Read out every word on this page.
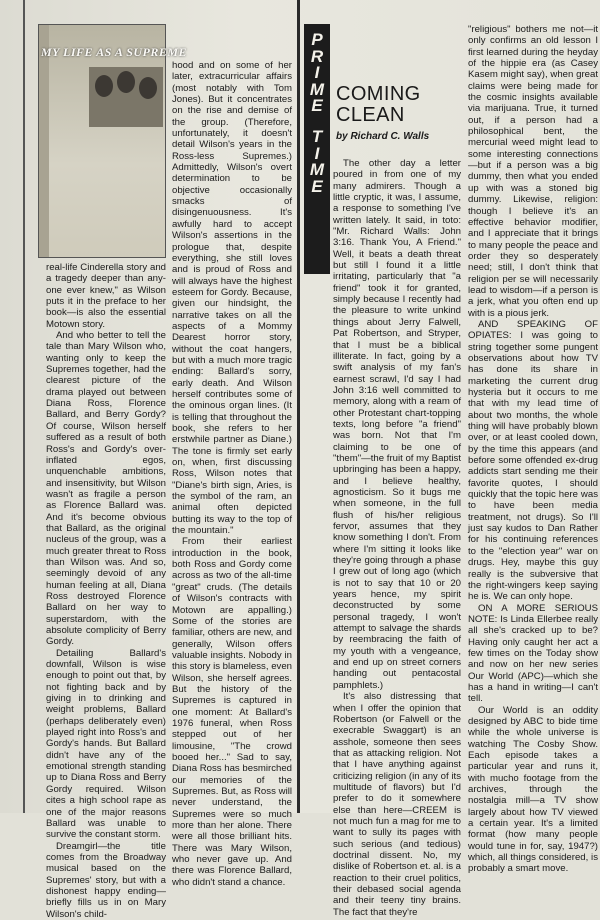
MY LIFE AS A SUPREME

real-life Cinderella story and a tragedy deeper than any-one ever knew," as Wilson puts it in the preface to her book—is also the essential Motown story.

And who better to tell the tale than Mary Wilson who, wanting only to keep the Supremes together, had the clearest picture of the drama played out between Diana Ross, Florence Ballard, and Berry Gordy? Of course, Wilson herself suffered as a result of both Ross's and Gordy's over-inflated egos, unquenchable ambitions, and insensitivity, but Wilson wasn't as fragile a person as Florence Ballard was. And it's become obvious that Ballard, as the original nucleus of the group, was a much greater threat to Ross than Wilson was. And so, seemingly devoid of any human feeling at all, Diana Ross destroyed Florence Ballard on her way to superstardom, with the absolute complicity of Berry Gordy.

Detailing Ballard's downfall, Wilson is wise enough to point out that, by not fighting back and by giving in to drinking and weight problems, Ballard (perhaps deliberately even) played right into Ross's and Gordy's hands. But Ballard didn't have any of the emotional strength standing up to Diana Ross and Berry Gordy required. Wilson cites a high school rape as one of the major reasons Ballard was unable to survive the constant storm.

Dreamgirl—the title comes from the Broadway musical based on the Supremes' story, but with a dishonest happy ending—briefly fills us in on Mary Wilson's child-

hood and on some of her later, extracurricular affairs (most notably with Tom Jones). But it concentrates on the rise and demise of the group. (Therefore, unfortunately, it doesn't detail Wilson's years in the Ross-less Supremes.) Admittedly, Wilson's overt determination to be objective occasionally smacks of disingenuousness. It's awfully hard to accept Wilson's assertions in the prologue that, despite everything, she still loves and is proud of Ross and will always have the highest esteem for Gordy. Because, given our hindsight, the narrative takes on all the aspects of a Mommy Dearest horror story, without the coat hangers, but with a much more tragic ending: Ballard's sorry, early death. And Wilson herself contributes some of the ominous organ lines. (It is telling that throughout the book, she refers to her erstwhile partner as Diane.) The tone is firmly set early on, when, first discussing Ross, Wilson notes that "Diane's birth sign, Aries, is the symbol of the ram, an animal often depicted butting its way to the top of the mountain."

From their earliest introduction in the book, both Ross and Gordy come across as two of the all-time "great" cruds. (The details of Wilson's contracts with Motown are appalling.) Some of the stories are familiar, others are new, and generally, Wilson offers valuable insights. Nobody in this story is blameless, even Wilson, she herself agrees. But the history of the Supremes is captured in one moment: At Ballard's 1976 funeral, when Ross stepped out of her limousine, "The crowd booed her..." Sad to say, Diana Ross has besmirched our memories of the Supremes. But, as Ross will never understand, the Supremes were so much more than her alone. There were all those brilliant hits. There was Mary Wilson, who never gave up. And there was Florence Ballard, who didn't stand a chance.

P
R
I
M
E
T
I
M
E
COMING
CLEAN
by Richard C. Walls

The other day a letter poured in from one of my many admirers. Though a little cryptic, it was, I assume, a response to something I've written lately. It said, in toto: "Mr. Richard Walls: John 3:16. Thank You, A Friend." Well, it beats a death threat but still I found it a little irritating, particularly that "a friend" took it for granted, simply because I recently had the pleasure to write unkind things about Jerry Falwell, Pat Robertson, and Stryper, that I must be a biblical illiterate. In fact, going by a swift analysis of my fan's earnest scrawl, I'd say I had John 3:16 well committed to memory, along with a ream of other Protestant chart-topping texts, long before "a friend" was born. Not that I'm claiming to be one of "them"—the fruit of my Baptist upbringing has been a happy, and I believe healthy, agnosticism. So it bugs me when someone, in the full flush of his/her religious fervor, assumes that they know something I don't. From where I'm sitting it looks like they're going through a phase I grew out of long ago (which is not to say that 10 or 20 years hence, my spirit deconstructed by some personal tragedy, I won't attempt to salvage the shards by reembracing the faith of my youth with a vengeance, and end up on street corners handing out pentacostal pamphlets.)

It's also distressing that when I offer the opinion that Robertson (or Falwell or the execrable Swaggart) is an asshole, someone then sees that as attacking religion. Not that I have anything against criticizing religion (in any of its multitude of flavors) but I'd prefer to do it somewhere else than here—CREEM is not much fun a mag for me to want to sully its pages with such serious (and tedious) doctrinal dissent. No, my dislike of Robertson et. al. is a reaction to their cruel politics, their debased social agenda and their teeny tiny brains. The fact that they're

"religious" bothers me not—it only confirms an old lesson I first learned during the heyday of the hippie era (as Casey Kasem might say), when great claims were being made for the cosmic insights available via marijuana. True, it turned out, if a person had a philosophical bent, the mercurial weed might lead to some interesting connections—but if a person was a big dummy, then what you ended up with was a stoned big dummy. Likewise, religion: though I believe it's an effective behavior modifier, and I appreciate that it brings to many people the peace and order they so desperately need; still, I don't think that religion per se will necessarily lead to wisdom—if a person is a jerk, what you often end up with is a pious jerk.

AND SPEAKING OF OPIATES: I was going to string together some pungent observations about how TV has done its share in marketing the current drug hysteria but it occurs to me that with my lead time of about two months, the whole thing will have probably blown over, or at least cooled down, by the time this appears (and before some offended ex-drug addicts start sending me their favorite quotes, I should quickly that the topic here was to have been media treatment, not drugs). So I'll just say kudos to Dan Rather for his continuing references to the "election year" war on drugs. Hey, maybe this guy really is the subversive that the right-wingers keep saying he is. We can only hope.

ON A MORE SERIOUS NOTE: Is Linda Ellerbee really all she's cracked up to be? Having only caught her act a few times on the Today show and now on her new series Our World (APC)—which she has a hand in writing—I can't tell.

Our World is an oddity designed by ABC to bide time while the whole universe is watching The Cosby Show. Each episode takes a particular year and runs it, with mucho footage from the archives, through the nostalgia mill—a TV show largely about how TV viewed a certain year. It's a limited format (how many people would tune in for, say, 1947?) which, all things considered, is probably a smart move.
